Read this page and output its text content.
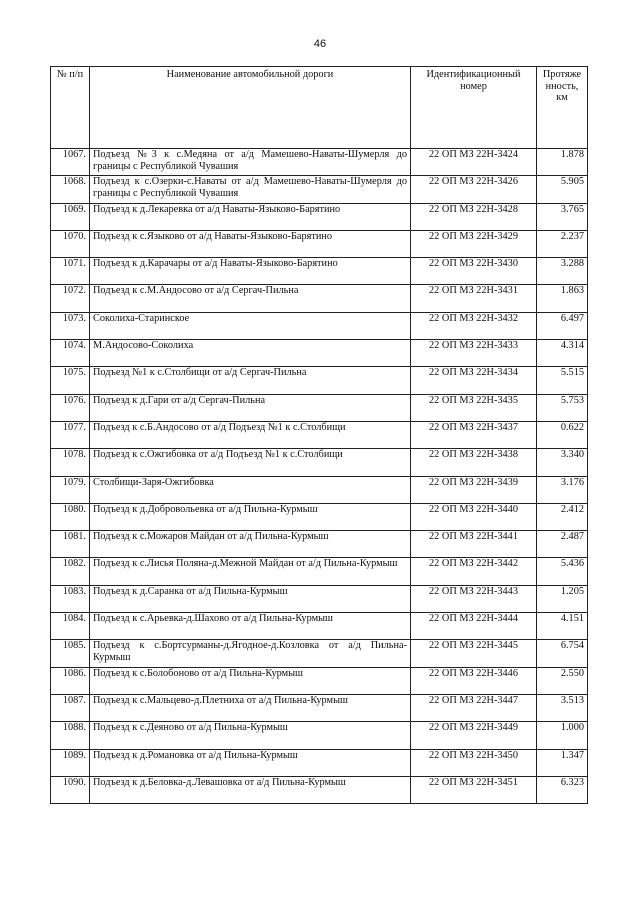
46
№ п/п	Наименование автомобильной дороги	Идентификационный номер	Протяже нность, км
1067.	Подъезд №3 к с.Медяна от а/д Мамешево-Наваты-Шумерля до границы с Республикой Чувашия	22 ОП МЗ 22Н-3424	1.878
1068.	Подъезд к с.Озерки-с.Наваты от а/д Мамешево-Наваты-Шумерля до границы с Республикой Чувашия	22 ОП МЗ 22Н-3426	5.905
1069.	Подъезд к д.Лекаревка от а/д Наваты-Языково-Барятино	22 ОП МЗ 22Н-3428	3.765
1070.	Подъезд к с.Языково от а/д Наваты-Языково-Барятино	22 ОП МЗ 22Н-3429	2.237
1071.	Подъезд к д.Карачары от а/д Наваты-Языково-Барятино	22 ОП МЗ 22Н-3430	3.288
1072.	Подъезд к с.М.Андосово от а/д Сергач-Пильна	22 ОП МЗ 22Н-3431	1.863
1073.	Соколиха-Старинское	22 ОП МЗ 22Н-3432	6.497
1074.	М.Андосово-Соколиха	22 ОП МЗ 22Н-3433	4.314
1075.	Подъезд №1 к с.Столбищи от а/д Сергач-Пильна	22 ОП МЗ 22Н-3434	5.515
1076.	Подъезд к д.Гари от а/д Сергач-Пильна	22 ОП МЗ 22Н-3435	5.753
1077.	Подъезд к с.Б.Андосово от а/д Подъезд №1 к с.Столбищи	22 ОП МЗ 22Н-3437	0.622
1078.	Подъезд к с.Ожгибовка от а/д Подъезд №1 к с.Столбищи	22 ОП МЗ 22Н-3438	3.340
1079.	Столбищи-Заря-Ожгибовка	22 ОП МЗ 22Н-3439	3.176
1080.	Подъезд к д.Добровольевка от а/д Пильна-Курмыш	22 ОП МЗ 22Н-3440	2.412
1081.	Подъезд к с.Можаров Майдан от а/д Пильна-Курмыш	22 ОП МЗ 22Н-3441	2.487
1082.	Подъезд к с.Лисья Поляна-д.Межной Майдан от а/д Пильна-Курмыш	22 ОП МЗ 22Н-3442	5.436
1083.	Подъезд к д.Саранка от а/д Пильна-Курмыш	22 ОП МЗ 22Н-3443	1.205
1084.	Подъезд к с.Арьевка-д.Шахово от а/д Пильна-Курмыш	22 ОП МЗ 22Н-3444	4.151
1085.	Подъезд к с.Бортсурманы-д.Ягодное-д.Козловка от а/д Пильна-Курмыш	22 ОП МЗ 22Н-3445	6.754
1086.	Подъезд к с.Болобоново от а/д Пильна-Курмыш	22 ОП МЗ 22Н-3446	2.550
1087.	Подъезд к с.Мальцево-д.Плетниха от а/д Пильна-Курмыш	22 ОП МЗ 22Н-3447	3.513
1088.	Подъезд к с.Деяново от а/д Пильна-Курмыш	22 ОП МЗ 22Н-3449	1.000
1089.	Подъезд к д.Романовка от а/д Пильна-Курмыш	22 ОП МЗ 22Н-3450	1.347
1090.	Подъезд к д.Беловка-д.Левашовка от а/д Пильна-Курмыш	22 ОП МЗ 22Н-3451	6.323
